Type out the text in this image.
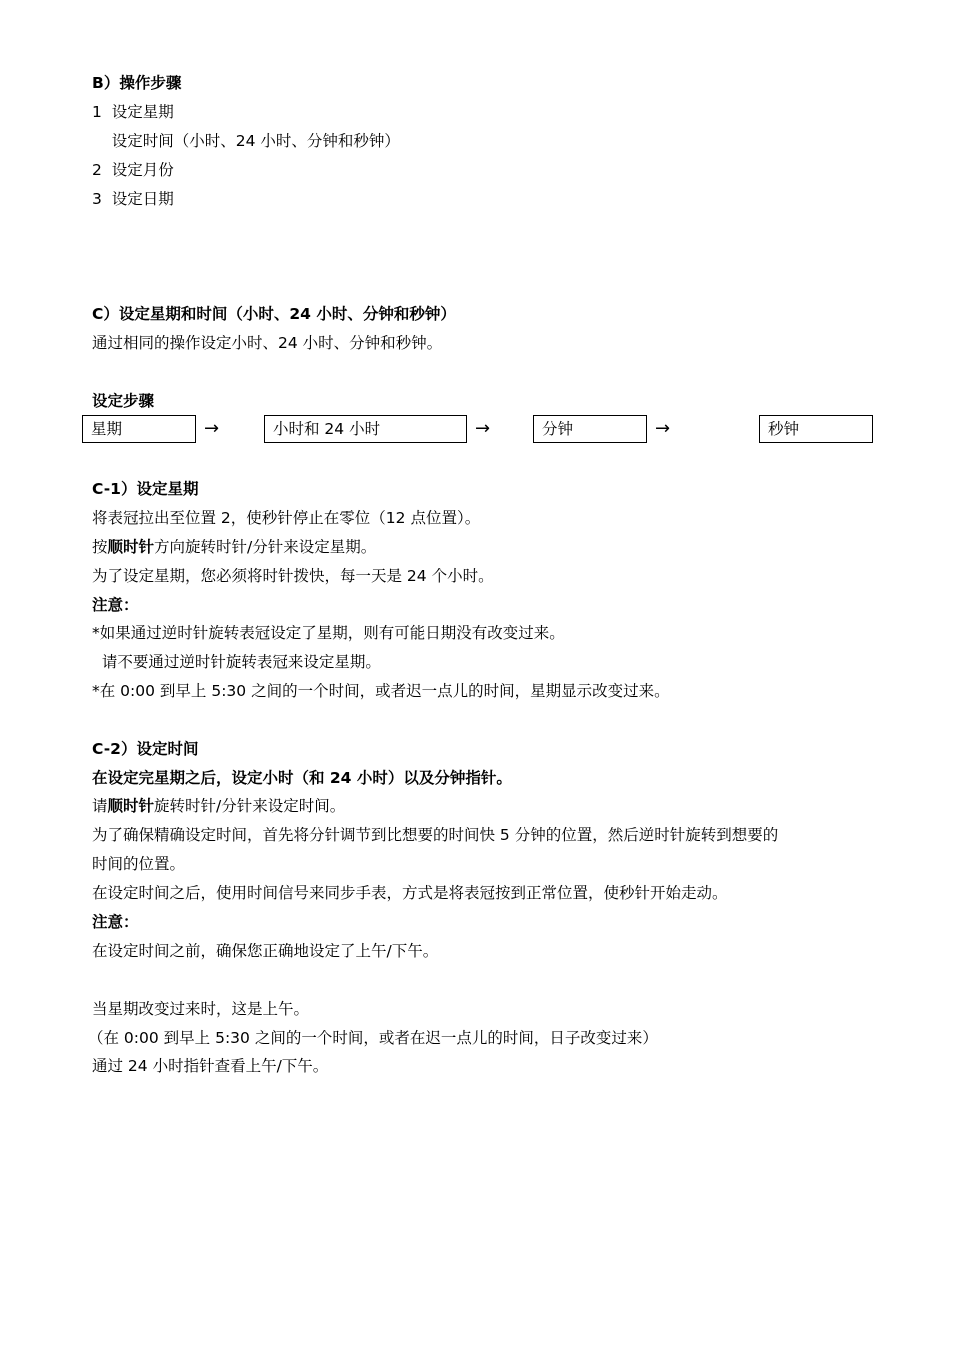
B）操作步骤
1  设定星期
设定时间（小时、24 小时、分钟和秒钟）
2  设定月份
3  设定日期
C）设定星期和时间（小时、24 小时、分钟和秒钟）
通过相同的操作设定小时、24 小时、分钟和秒钟。
设定步骤
星期	→	小时和 24 小时	→	分钟	→	秒钟
C-1）设定星期
将表冠拉出至位置 2，使秒针停止在零位（12 点位置）。
按顺时针方向旋转时针/分针来设定星期。
为了设定星期，您必须将时针拨快，每一天是 24 个小时。
注意：
*如果通过逆时针旋转表冠设定了星期，则有可能日期没有改变过来。
请不要通过逆时针旋转表冠来设定星期。
*在 0:00 到早上 5:30 之间的一个时间，或者迟一点儿的时间，星期显示改变过来。
C-2）设定时间
在设定完星期之后，设定小时（和 24 小时）以及分钟指针。
请顺时针旋转时针/分针来设定时间。
为了确保精确设定时间，首先将分针调节到比想要的时间快 5 分钟的位置，然后逆时针旋转到想要的
时间的位置。
在设定时间之后，使用时间信号来同步手表，方式是将表冠按到正常位置，使秒针开始走动。
注意：
在设定时间之前，确保您正确地设定了上午/下午。
当星期改变过来时，这是上午。
（在 0:00 到早上 5:30 之间的一个时间，或者在迟一点儿的时间，日子改变过来）
通过 24 小时指针查看上午/下午。
